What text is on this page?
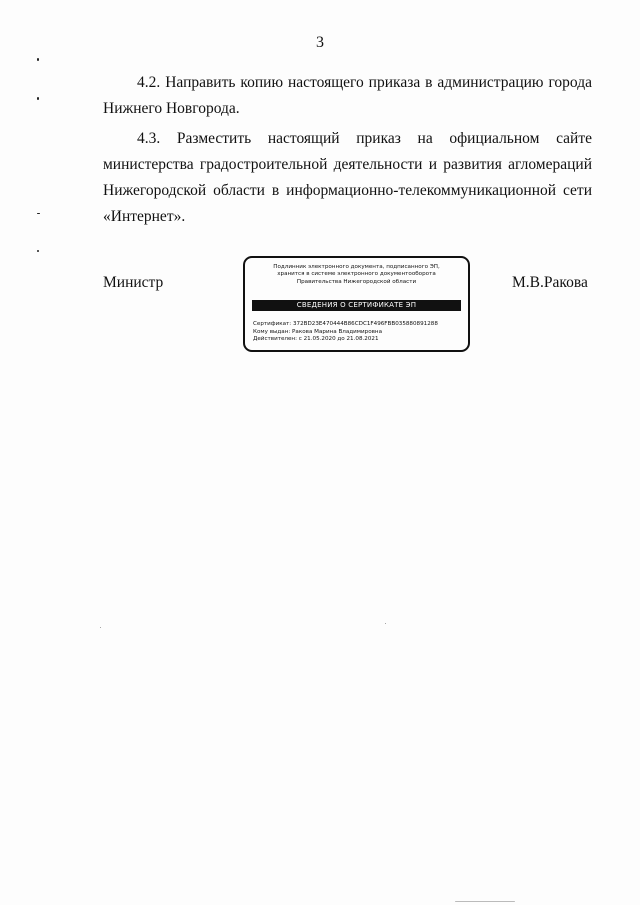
3

4.2. Направить копию настоящего приказа в администрацию города Нижнего Новгорода.

4.3. Разместить настоящий приказ на официальном сайте министерства градостроительной деятельности и развития агломераций Нижегородской области в информационно-телекоммуникационной сети «Интернет».

Министр
Подлинник электронного документа, подписанного ЭП,
хранится в системе электронного документооборота
Правительства Нижегородской области
СВЕДЕНИЯ О СЕРТИФИКАТЕ ЭП
Сертификат: 372BD23E470444B86CDC1F496FBB035880891288
Кому выдан: Ракова Марина Владимировна
Действителен: с 21.05.2020 до 21.08.2021
М.В.Ракова
